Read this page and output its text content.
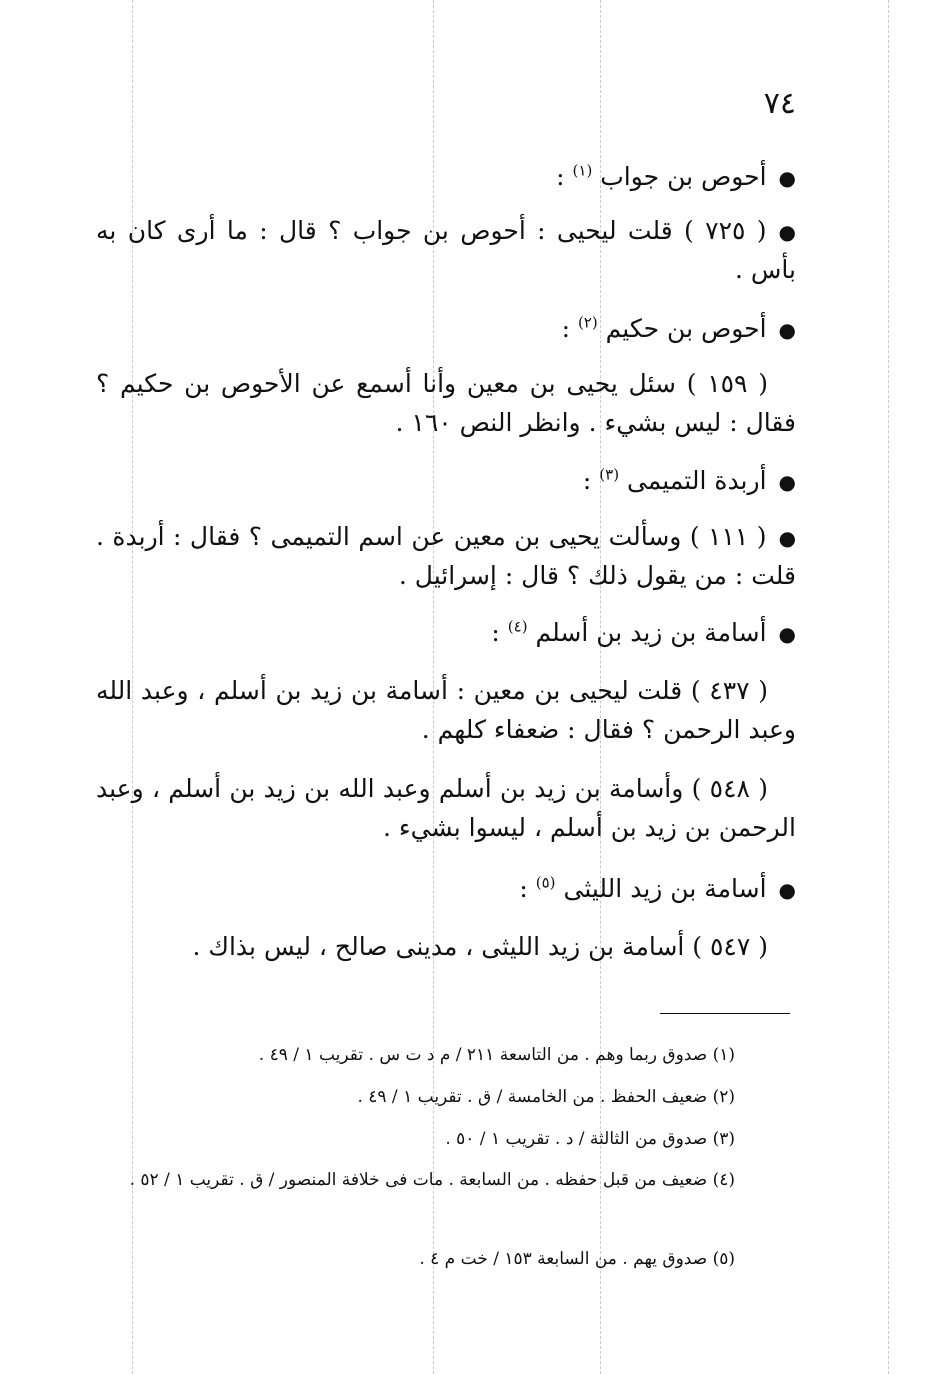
٧٤
●أحوص بن جواب $^{(١)}$ :
●( ٧٢٥ ) قلت ليحيى : أحوص بن جواب ؟ قال : ما أرى كان به بأس .
●أحوص بن حكيم $^{(٢)}$ :
( ١٥٩ ) سئل يحيى بن معين وأنا أسمع عن الأحوص بن حكيم ؟ فقال : ليس بشيء . وانظر النص ١٦٠ .
●أربدة التميمى $^{(٣)}$ :
●( ١١١ ) وسألت يحيى بن معين عن اسم التميمى ؟ فقال : أربدة . قلت : من يقول ذلك ؟ قال : إسرائيل .
●أسامة بن زيد بن أسلم $^{(٤)}$ :
( ٤٣٧ ) قلت ليحيى بن معين : أسامة بن زيد بن أسلم ، وعبد الله وعبد الرحمن ؟ فقال : ضعفاء كلهم .
( ٥٤٨ ) وأسامة بن زيد بن أسلم وعبد الله بن زيد بن أسلم ، وعبد الرحمن بن زيد بن أسلم ، ليسوا بشيء .
●أسامة بن زيد الليثى $^{(٥)}$ :
( ٥٤٧ ) أسامة بن زيد الليثى ، مدينى صالح ، ليس بذاك .
(١) صدوق ربما وهم . من التاسعة ٢١١ / م د ت س . تقريب ١ / ٤٩ .
(٢) ضعيف الحفظ . من الخامسة / ق . تقريب ١ / ٤٩ .
(٣) صدوق من الثالثة / د . تقريب ١ / ٥٠ .
(٤) ضعيف من قبل حفظه . من السابعة . مات فى خلافة المنصور / ق . تقريب ١ / ٥٢ .
(٥) صدوق يهم . من السابعة ١٥٣ / خت م ٤ .
